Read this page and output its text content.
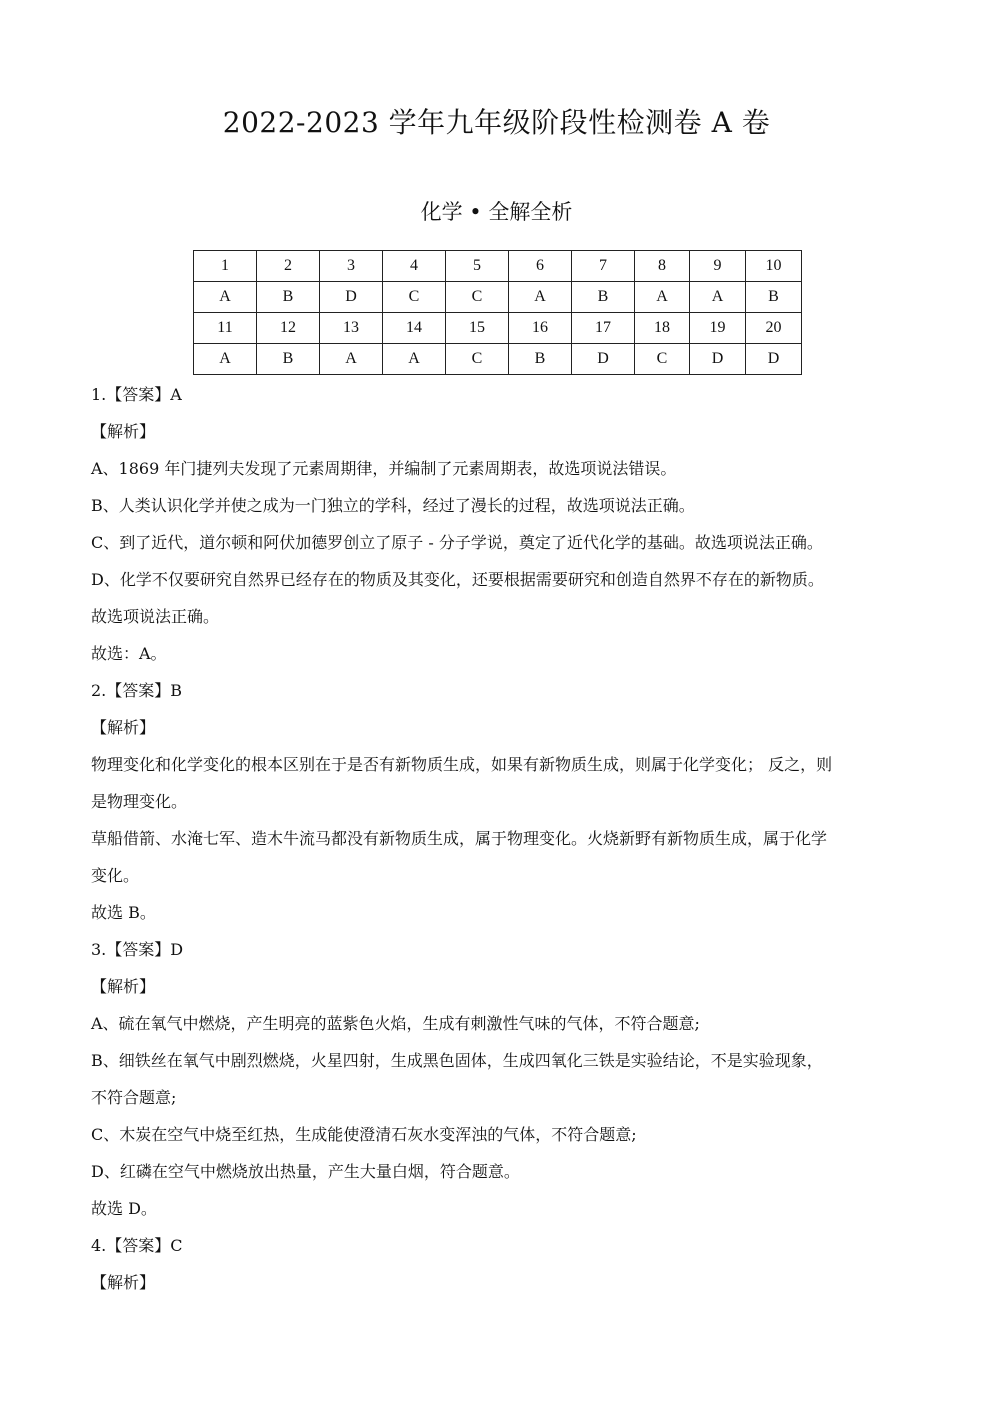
2022-2023 学年九年级阶段性检测卷 A 卷
化学 • 全解全析
1	2	3	4	5	6	7	8	9	10
A	B	D	C	C	A	B	A	A	B
11	12	13	14	15	16	17	18	19	20
A	B	A	A	C	B	D	C	D	D

1.【答案】A

【解析】

A、1869 年门捷列夫发现了元素周期律，并编制了元素周期表，故选项说法错误。

B、人类认识化学并使之成为一门独立的学科，经过了漫长的过程，故选项说法正确。

C、到了近代，道尔顿和阿伏加德罗创立了原子 - 分子学说，奠定了近代化学的基础。故选项说法正确。

D、化学不仅要研究自然界已经存在的物质及其变化，还要根据需要研究和创造自然界不存在的新物质。

故选项说法正确。

故选：A。

2.【答案】B

【解析】

物理变化和化学变化的根本区别在于是否有新物质生成，如果有新物质生成，则属于化学变化； 反之，则

是物理变化。

草船借箭、水淹七军、造木牛流马都没有新物质生成，属于物理变化。火烧新野有新物质生成，属于化学

变化。

故选 B。

3.【答案】D

【解析】

A、硫在氧气中燃烧，产生明亮的蓝紫色火焰，生成有刺激性气味的气体，不符合题意;

B、细铁丝在氧气中剧烈燃烧，火星四射，生成黑色固体，生成四氧化三铁是实验结论，不是实验现象，

不符合题意;

C、木炭在空气中烧至红热，生成能使澄清石灰水变浑浊的气体，不符合题意;

D、红磷在空气中燃烧放出热量，产生大量白烟，符合题意。

故选 D。

4.【答案】C

【解析】
